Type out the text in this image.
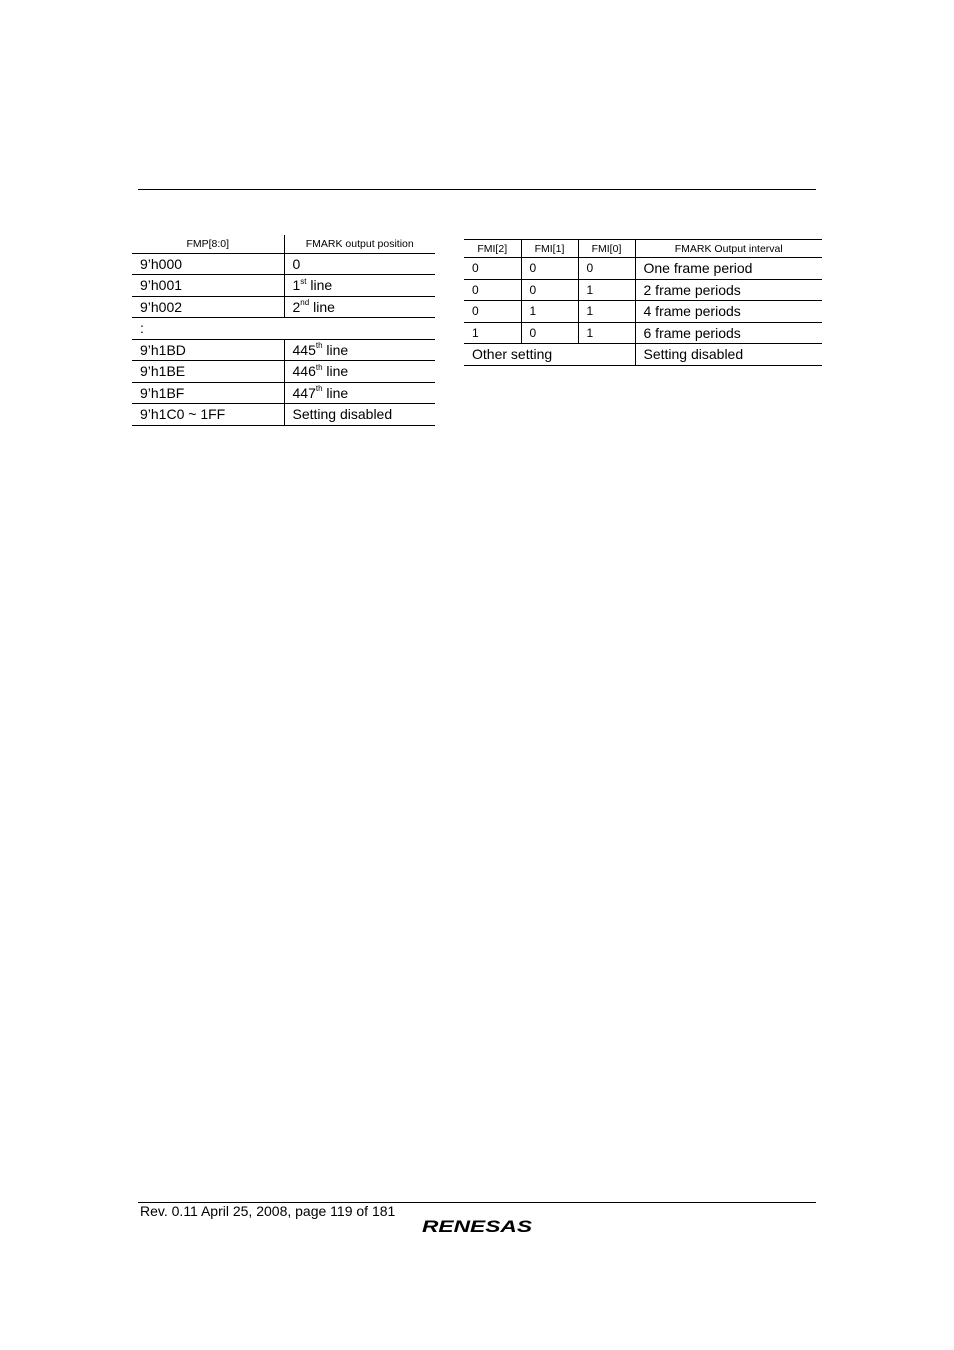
FMP[8:0]	FMARK output position
9’h000	0
9’h001	1st line
9’h002	2nd line
:	
9’h1BD	445th line
9’h1BE	446th line
9’h1BF	447th line
9’h1C0 ~ 1FF	Setting disabled
FMI[2]	FMI[1]	FMI[0]	FMARK Output interval
0	0	0	One frame period
0	0	1	2 frame periods
0	1	1	4 frame periods
1	0	1	6 frame periods
Other setting			Setting disabled
Rev. 0.11 April 25, 2008, page 119 of 181
RENESAS
